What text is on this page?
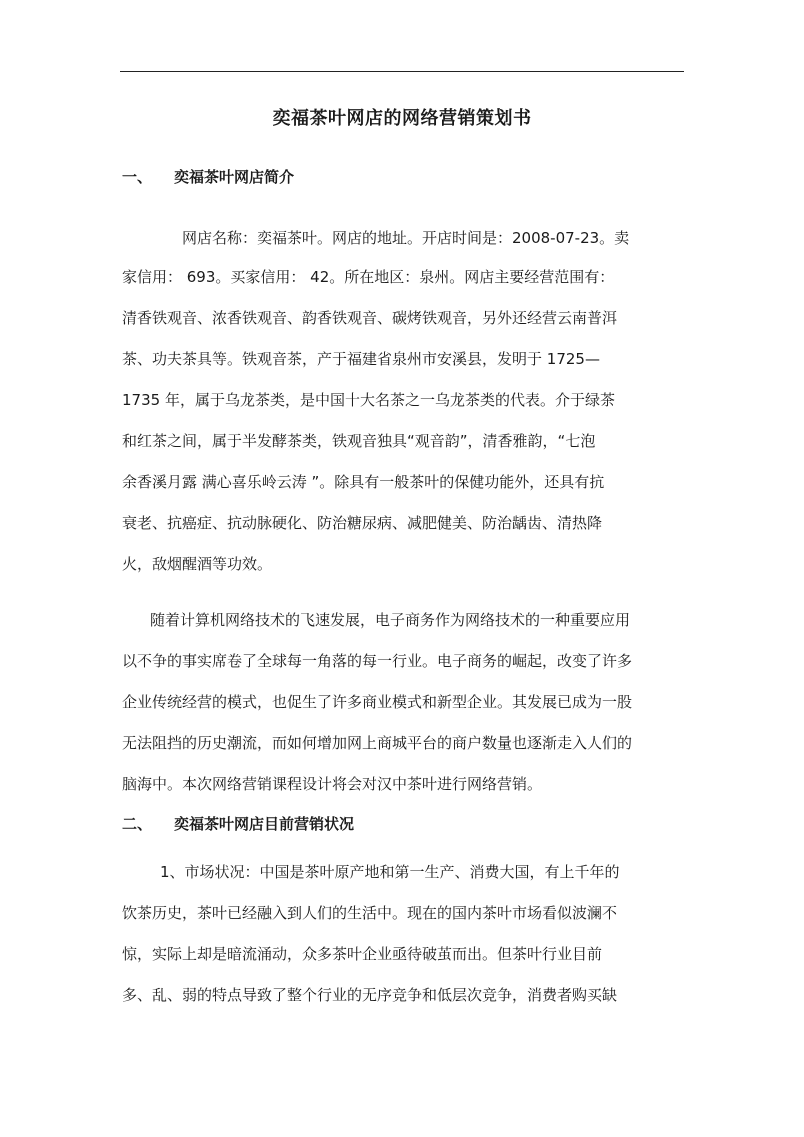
奕福茶叶网店的网络营销策划书
一、 奕福茶叶网店简介

网店名称：奕福茶叶。网店的地址。开店时间是：2008-07-23。卖

家信用： 693。买家信用： 42。所在地区：泉州。网店主要经营范围有：

清香铁观音、浓香铁观音、韵香铁观音、碳烤铁观音，另外还经营云南普洱

茶、功夫茶具等。铁观音茶，产于福建省泉州市安溪县，发明于 1725—

1735 年，属于乌龙茶类，是中国十大名茶之一乌龙茶类的代表。介于绿茶

和红茶之间，属于半发酵茶类，铁观音独具“观音韵”，清香雅韵，“七泡

余香溪月露 满心喜乐岭云涛 ”。除具有一般茶叶的保健功能外，还具有抗

衰老、抗癌症、抗动脉硬化、防治糖尿病、减肥健美、防治龋齿、清热降

火，敌烟醒酒等功效。

随着计算机网络技术的飞速发展，电子商务作为网络技术的一种重要应用

以不争的事实席卷了全球每一角落的每一行业。电子商务的崛起，改变了许多

企业传统经营的模式，也促生了许多商业模式和新型企业。其发展已成为一股

无法阻挡的历史潮流，而如何增加网上商城平台的商户数量也逐渐走入人们的

脑海中。本次网络营销课程设计将会对汉中茶叶进行网络营销。

二、 奕福茶叶网店目前营销状况

1、市场状况：中国是茶叶原产地和第一生产、消费大国，有上千年的

饮茶历史，茶叶已经融入到人们的生活中。现在的国内茶叶市场看似波澜不

惊，实际上却是暗流涌动，众多茶叶企业亟待破茧而出。但茶叶行业目前

多、乱、弱的特点导致了整个行业的无序竞争和低层次竞争，消费者购买缺
